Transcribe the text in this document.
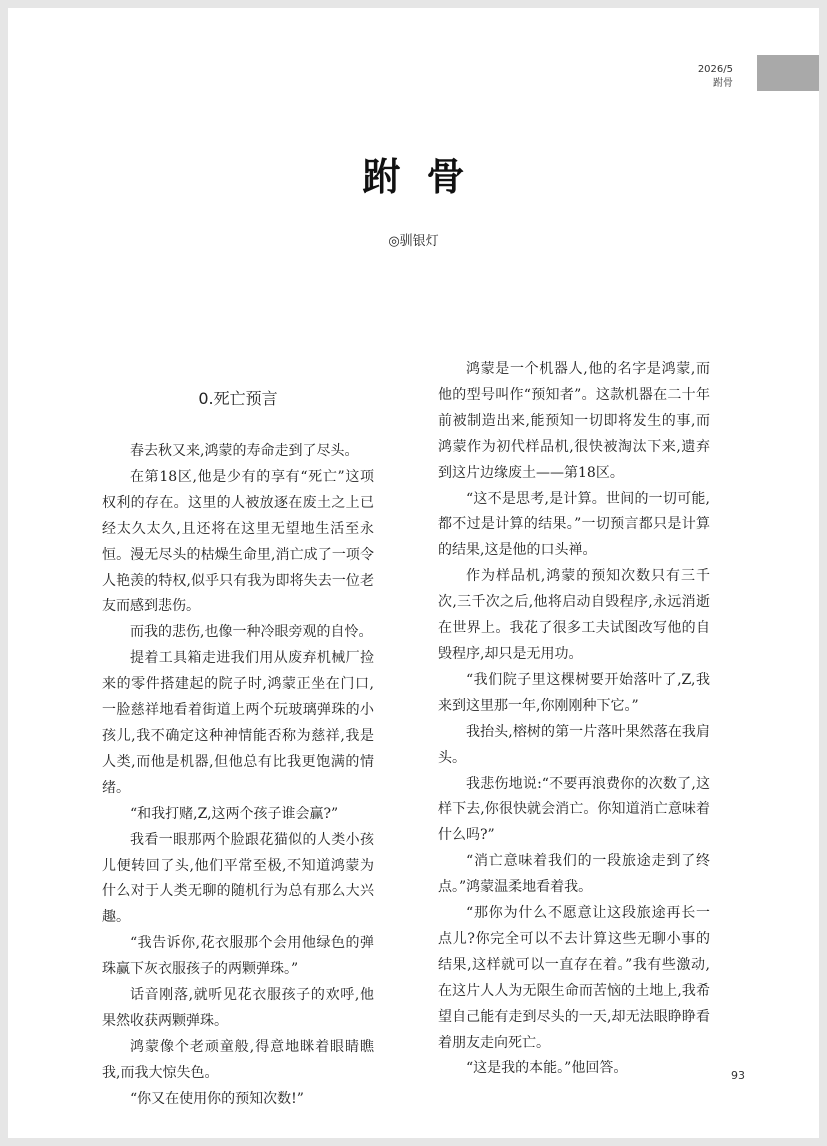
2026/5
跗骨
跗骨
◎驯银灯
0.死亡预言

春去秋又来,鸿蒙的寿命走到了尽头。

在第18区,他是少有的享有“死亡”这项权利的存在。这里的人被放逐在废土之上已经太久太久,且还将在这里无望地生活至永恒。漫无尽头的枯燥生命里,消亡成了一项令人艳羡的特权,似乎只有我为即将失去一位老友而感到悲伤。

而我的悲伤,也像一种冷眼旁观的自怜。

提着工具箱走进我们用从废弃机械厂捡来的零件搭建起的院子时,鸿蒙正坐在门口,一脸慈祥地看着街道上两个玩玻璃弹珠的小孩儿,我不确定这种神情能否称为慈祥,我是人类,而他是机器,但他总有比我更饱满的情绪。

“和我打赌,Z,这两个孩子谁会赢?”

我看一眼那两个脸跟花猫似的人类小孩儿便转回了头,他们平常至极,不知道鸿蒙为什么对于人类无聊的随机行为总有那么大兴趣。

“我告诉你,花衣服那个会用他绿色的弹珠赢下灰衣服孩子的两颗弹珠。”

话音刚落,就听见花衣服孩子的欢呼,他果然收获两颗弹珠。

鸿蒙像个老顽童般,得意地眯着眼睛瞧我,而我大惊失色。

“你又在使用你的预知次数!”

鸿蒙是一个机器人,他的名字是鸿蒙,而他的型号叫作“预知者”。这款机器在二十年前被制造出来,能预知一切即将发生的事,而鸿蒙作为初代样品机,很快被淘汰下来,遗弃到这片边缘废土——第18区。

“这不是思考,是计算。世间的一切可能,都不过是计算的结果。”一切预言都只是计算的结果,这是他的口头禅。

作为样品机,鸿蒙的预知次数只有三千次,三千次之后,他将启动自毁程序,永远消逝在世界上。我花了很多工夫试图改写他的自毁程序,却只是无用功。

“我们院子里这棵树要开始落叶了,Z,我来到这里那一年,你刚刚种下它。”

我抬头,榕树的第一片落叶果然落在我肩头。

我悲伤地说:“不要再浪费你的次数了,这样下去,你很快就会消亡。你知道消亡意味着什么吗?”

“消亡意味着我们的一段旅途走到了终点。”鸿蒙温柔地看着我。

“那你为什么不愿意让这段旅途再长一点儿?你完全可以不去计算这些无聊小事的结果,这样就可以一直存在着。”我有些激动,在这片人人为无限生命而苦恼的土地上,我希望自己能有走到尽头的一天,却无法眼睁睁看着朋友走向死亡。

“这是我的本能。”他回答。	93
